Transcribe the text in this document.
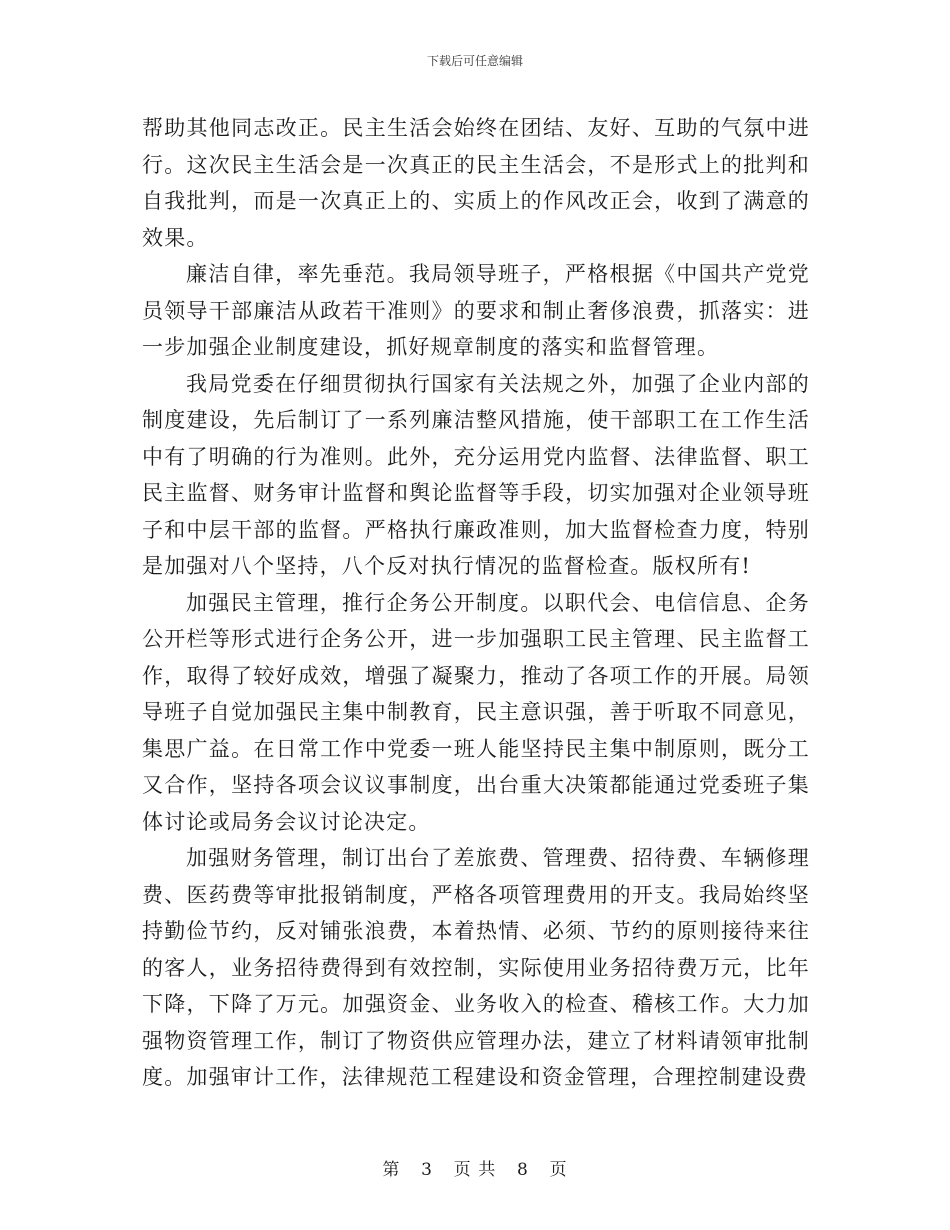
下载后可任意编辑

帮助其他同志改正。民主生活会始终在团结、友好、互助的气氛中进行。这次民主生活会是一次真正的民主生活会，不是形式上的批判和自我批判，而是一次真正上的、实质上的作风改正会，收到了满意的效果。

廉洁自律，率先垂范。我局领导班子，严格根据《中国共产党党员领导干部廉洁从政若干准则》的要求和制止奢侈浪费，抓落实：进一步加强企业制度建设，抓好规章制度的落实和监督管理。

我局党委在仔细贯彻执行国家有关法规之外，加强了企业内部的制度建设，先后制订了一系列廉洁整风措施，使干部职工在工作生活中有了明确的行为准则。此外，充分运用党内监督、法律监督、职工民主监督、财务审计监督和舆论监督等手段，切实加强对企业领导班子和中层干部的监督。严格执行廉政准则，加大监督检查力度，特别是加强对八个坚持，八个反对执行情况的监督检查。版权所有!

加强民主管理，推行企务公开制度。以职代会、电信信息、企务公开栏等形式进行企务公开，进一步加强职工民主管理、民主监督工作，取得了较好成效，增强了凝聚力，推动了各项工作的开展。局领导班子自觉加强民主集中制教育，民主意识强，善于听取不同意见，集思广益。在日常工作中党委一班人能坚持民主集中制原则，既分工又合作，坚持各项会议议事制度，出台重大决策都能通过党委班子集体讨论或局务会议讨论决定。

加强财务管理，制订出台了差旅费、管理费、招待费、车辆修理费、医药费等审批报销制度，严格各项管理费用的开支。我局始终坚持勤俭节约，反对铺张浪费，本着热情、必须、节约的原则接待来往的客人，业务招待费得到有效控制，实际使用业务招待费万元，比年下降，下降了万元。加强资金、业务收入的检查、稽核工作。大力加强物资管理工作，制订了物资供应管理办法，建立了材料请领审批制度。加强审计工作，法律规范工程建设和资金管理，合理控制建设费

第 3 页 共 8 页
